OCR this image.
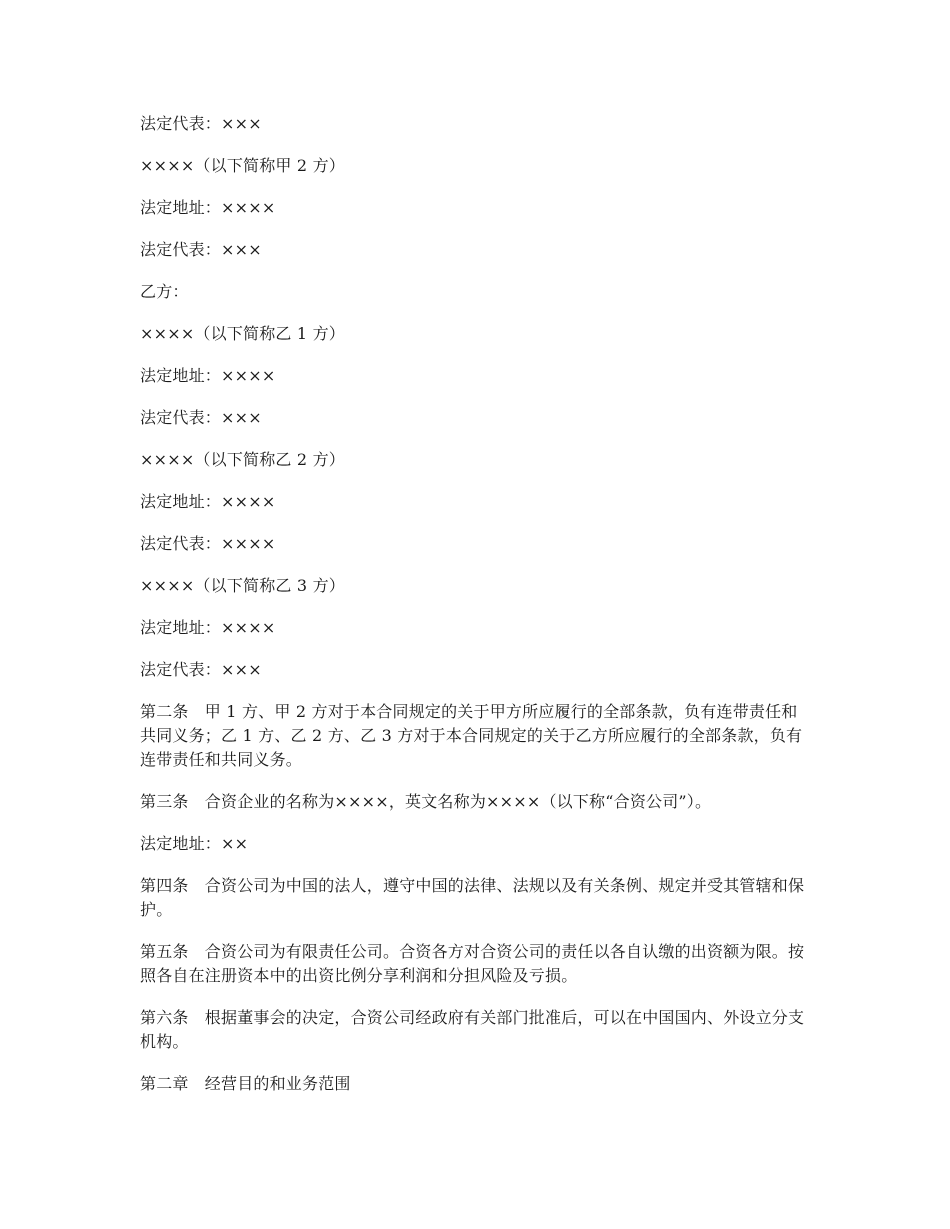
法定代表：×××

××××（以下简称甲 2 方）

法定地址：××××

法定代表：×××

乙方：

××××（以下简称乙 1 方）

法定地址：××××

法定代表：×××

××××（以下简称乙 2 方）

法定地址：××××

法定代表：××××

××××（以下简称乙 3 方）

法定地址：××××

法定代表：×××

第二条　甲 1 方、甲 2 方对于本合同规定的关于甲方所应履行的全部条款，负有连带责任和共同义务；乙 1 方、乙 2 方、乙 3 方对于本合同规定的关于乙方所应履行的全部条款，负有连带责任和共同义务。

第三条　合资企业的名称为××××，英文名称为××××（以下称“合资公司”）。

法定地址：××

第四条　合资公司为中国的法人，遵守中国的法律、法规以及有关条例、规定并受其管辖和保护。

第五条　合资公司为有限责任公司。合资各方对合资公司的责任以各自认缴的出资额为限。按照各自在注册资本中的出资比例分享利润和分担风险及亏损。

第六条　根据董事会的决定，合资公司经政府有关部门批准后，可以在中国国内、外设立分支机构。

第二章　经营目的和业务范围
